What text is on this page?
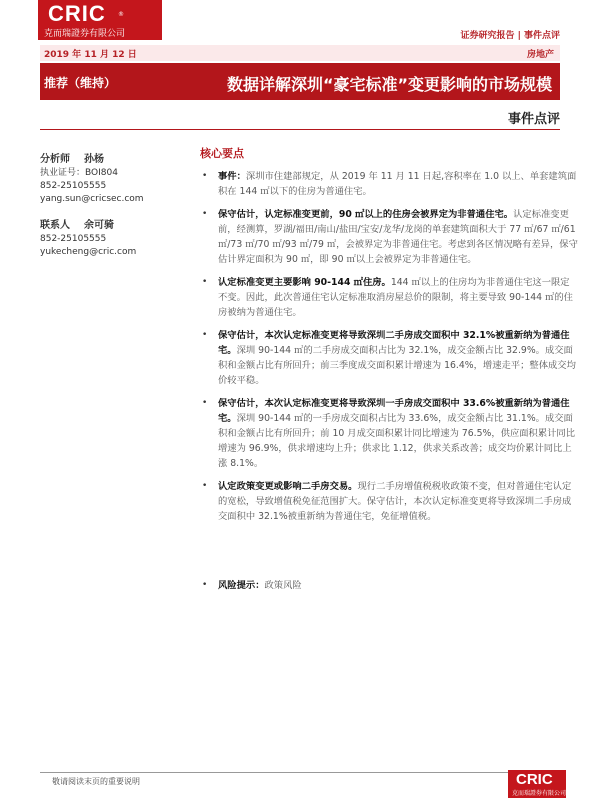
CRIC ®
克而瑞證券有限公司	证券研究报告 | 事件点评
2019 年 11 月 12 日	房地产
推荐（维持）	数据详解深圳“豪宅标准”变更影响的市场规模
事件点评
分析师 孙杨
执业证号：BOI804
852-25105555
yang.sun@cricsec.com
联系人 余可骑
852-25105555
yukecheng@cric.com
核心要点
• 事件：深圳市住建部规定，从 2019 年 11 月 11 日起,容积率在 1.0 以上、单套建筑面积在 144 ㎡以下的住房为普通住宅。
• 保守估计，认定标准变更前，90 ㎡以上的住房会被界定为非普通住宅。认定标准变更前，经测算，罗湖/福田/南山/盐田/宝安/龙华/龙岗的单套建筑面积大于 77 ㎡/67 ㎡/61 ㎡/73 ㎡/70 ㎡/93 ㎡/79 ㎡，会被界定为非普通住宅。考虑到各区情况略有差异，保守估计界定面积为 90 ㎡，即 90 ㎡以上会被界定为非普通住宅。
• 认定标准变更主要影响 90-144 ㎡住房。144 ㎡以上的住房均为非普通住宅这一限定不变。因此，此次普通住宅认定标准取消房屋总价的限制，将主要导致 90-144 ㎡的住房被纳为普通住宅。
• 保守估计，本次认定标准变更将导致深圳二手房成交面积中 32.1%被重新纳为普通住宅。深圳 90-144 ㎡的二手房成交面积占比为 32.1%，成交金额占比 32.9%。成交面积和金额占比有所回升；前三季度成交面积累计增速为 16.4%，增速走平；整体成交均价较平稳。
• 保守估计，本次认定标准变更将导致深圳一手房成交面积中 33.6%被重新纳为普通住宅。深圳 90-144 ㎡的一手房成交面积占比为 33.6%，成交金额占比 31.1%。成交面积和金额占比有所回升；前 10 月成交面积累计同比增速为 76.5%，供应面积累计同比增速为 96.9%，供求增速均上升；供求比 1.12，供求关系改善；成交均价累计同比上涨 8.1%。
• 认定政策变更或影响二手房交易。现行二手房增值税税收政策不变，但对普通住宅认定的宽松，导致增值税免征范围扩大。保守估计，本次认定标准变更将导致深圳二手房成交面积中 32.1%被重新纳为普通住宅，免征增值税。
• 风险提示：政策风险
敬请阅读末页的重要说明	CRIC
克而瑞證券有限公司
